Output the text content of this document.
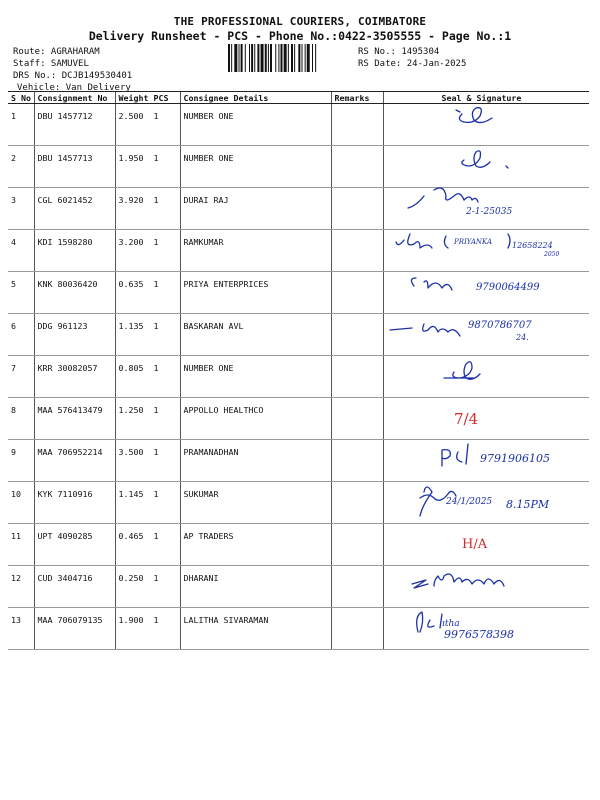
THE PROFESSIONAL COURIERS, COIMBATORE
Delivery Runsheet - PCS - Phone No.:0422-3505555 - Page No.:1
Route: AGRAHARAM
Staff: SAMUVEL
DRS No.: DCJB149530401
Vehicle: Van Delivery
RS No.: 1495304
RS Date: 24-Jan-2025
S No	Consignment No	Weight PCS	Consignee Details	Remarks	Seal & Signature
1	DBU 1457712	2.500 1	NUMBER ONE		

2	DBU 1457713	1.950 1	NUMBER ONE		

3	CGL 6021452	3.920 1	DURAI RAJ		2-1-25035

4	KDI 1598280	3.200 1	RAMKUMAR		PRIYANKA 12658224
2050

5	KNK 80036420	0.635 1	PRIYA ENTERPRICES		9790064499

6	DDG 961123	1.135 1	BASKARAN AVL		9870786707
24.

7	KRR 30082057	0.805 1	NUMBER ONE		

8	MAA 576413479	1.250 1	APPOLLO HEALTHCO		7/4

9	MAA 706952214	3.500 1	PRAMANADHAN		9791906105

10	KYK 7110916	1.145 1	SUKUMAR		24/1/2025 8.15PM

11	UPT 4090285	0.465 1	AP TRADERS		H/A

12	CUD 3404716	0.250 1	DHARANI		

13	MAA 706079135	1.900 1	LALITHA SIVARAMAN		ıtha
9976578398
